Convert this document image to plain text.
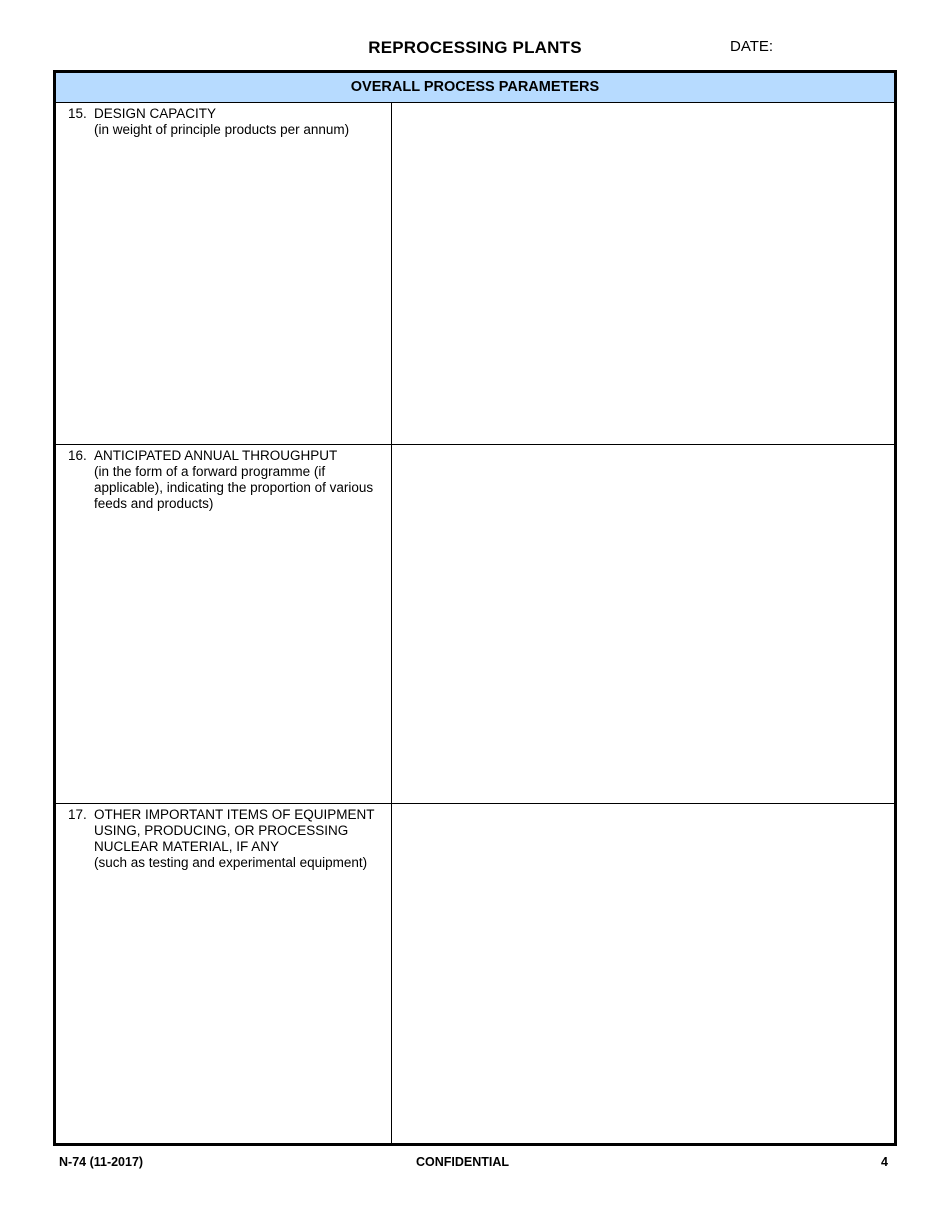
REPROCESSING PLANTS	DATE:
OVERALL PROCESS PARAMETERS
15. DESIGN CAPACITY
(in weight of principle products per annum)
16. ANTICIPATED ANNUAL THROUGHPUT
(in the form of a forward programme (if
applicable), indicating the proportion of various
feeds and products)
17. OTHER IMPORTANT ITEMS OF EQUIPMENT
USING, PRODUCING, OR PROCESSING
NUCLEAR MATERIAL, IF ANY
(such as testing and experimental equipment)
N-74 (11-2017)	CONFIDENTIAL	4
